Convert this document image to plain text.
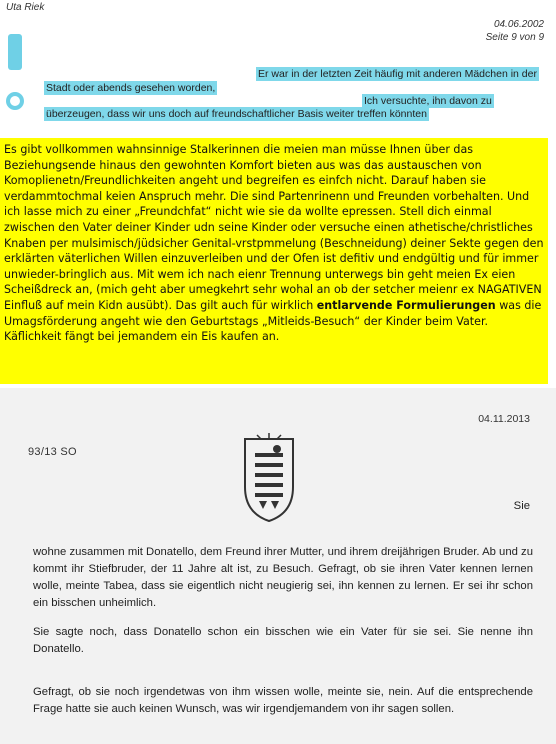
Uta Riek
04.06.2002
Seite 9 von 9
Er war in der letzten Zeit häufig mit anderen Mädchen in der
Stadt oder abends gesehen worden,
Ich versuchte, ihn davon zu
überzeugen, dass wir uns doch auf freundschaftlicher Basis weiter treffen könnten
Es gibt vollkommen wahnsinnige Stalkerinnen die meien man müsse Ihnen über das Beziehungsende hinaus den gewohnten Komfort bieten aus was das austauschen von Komoplienetn/Freundlichkeiten angeht und begreifen es einfch nicht. Darauf haben sie verdammtochmal keien Anspruch mehr. Die sind Partenrinenn und Freunden vorbehalten. Und ich lasse mich zu einer „Freundchfat“ nicht wie sie da wollte epressen. Stell dich einmal zwischen den Vater deiner Kinder udn seine Kinder oder versuche einen athetische/christliches Knaben per mulsimisch/jüdsicher Genital-vrstpmmelung (Beschneidung) deiner Sekte gegen den erklärten väterlichen Willen einzuverleiben und der Ofen ist defitiv und endgültig und für immer unwieder-bringlich aus. Mit wem ich nach eienr Trennung unterwegs bin geht meien Ex eien Scheißdreck an, (mich geht aber umegkehrt sehr wohal an ob der setcher meienr ex NAGATIVEN Einfluß auf mein Kidn ausübt). Das gilt auch für wirklich entlarvende Formulierungen was die Umagsförderung angeht wie den Geburtstags „Mitleids-Besuch“ der Kinder beim Vater. Käflichkeit fängt bei jemandem ein Eis kaufen an.
04.11.2013
93/13 SO
Sie
wohne zusammen mit Donatello, dem Freund ihrer Mutter, und ihrem dreijährigen Bruder. Ab und zu kommt ihr Stiefbruder, der 11 Jahre alt ist, zu Besuch. Gefragt, ob sie ihren Vater kennen lernen wolle, meinte Tabea, dass sie eigentlich nicht neugierig sei, ihn kennen zu lernen. Er sei ihr schon ein bisschen unheimlich.
Sie sagte noch, dass Donatello schon ein bisschen wie ein Vater für sie sei. Sie nenne ihn Donatello.
Gefragt, ob sie noch irgendetwas von ihm wissen wolle, meinte sie, nein. Auf die entsprechende Frage hatte sie auch keinen Wunsch, was wir irgendjemandem von ihr sagen sollen.
